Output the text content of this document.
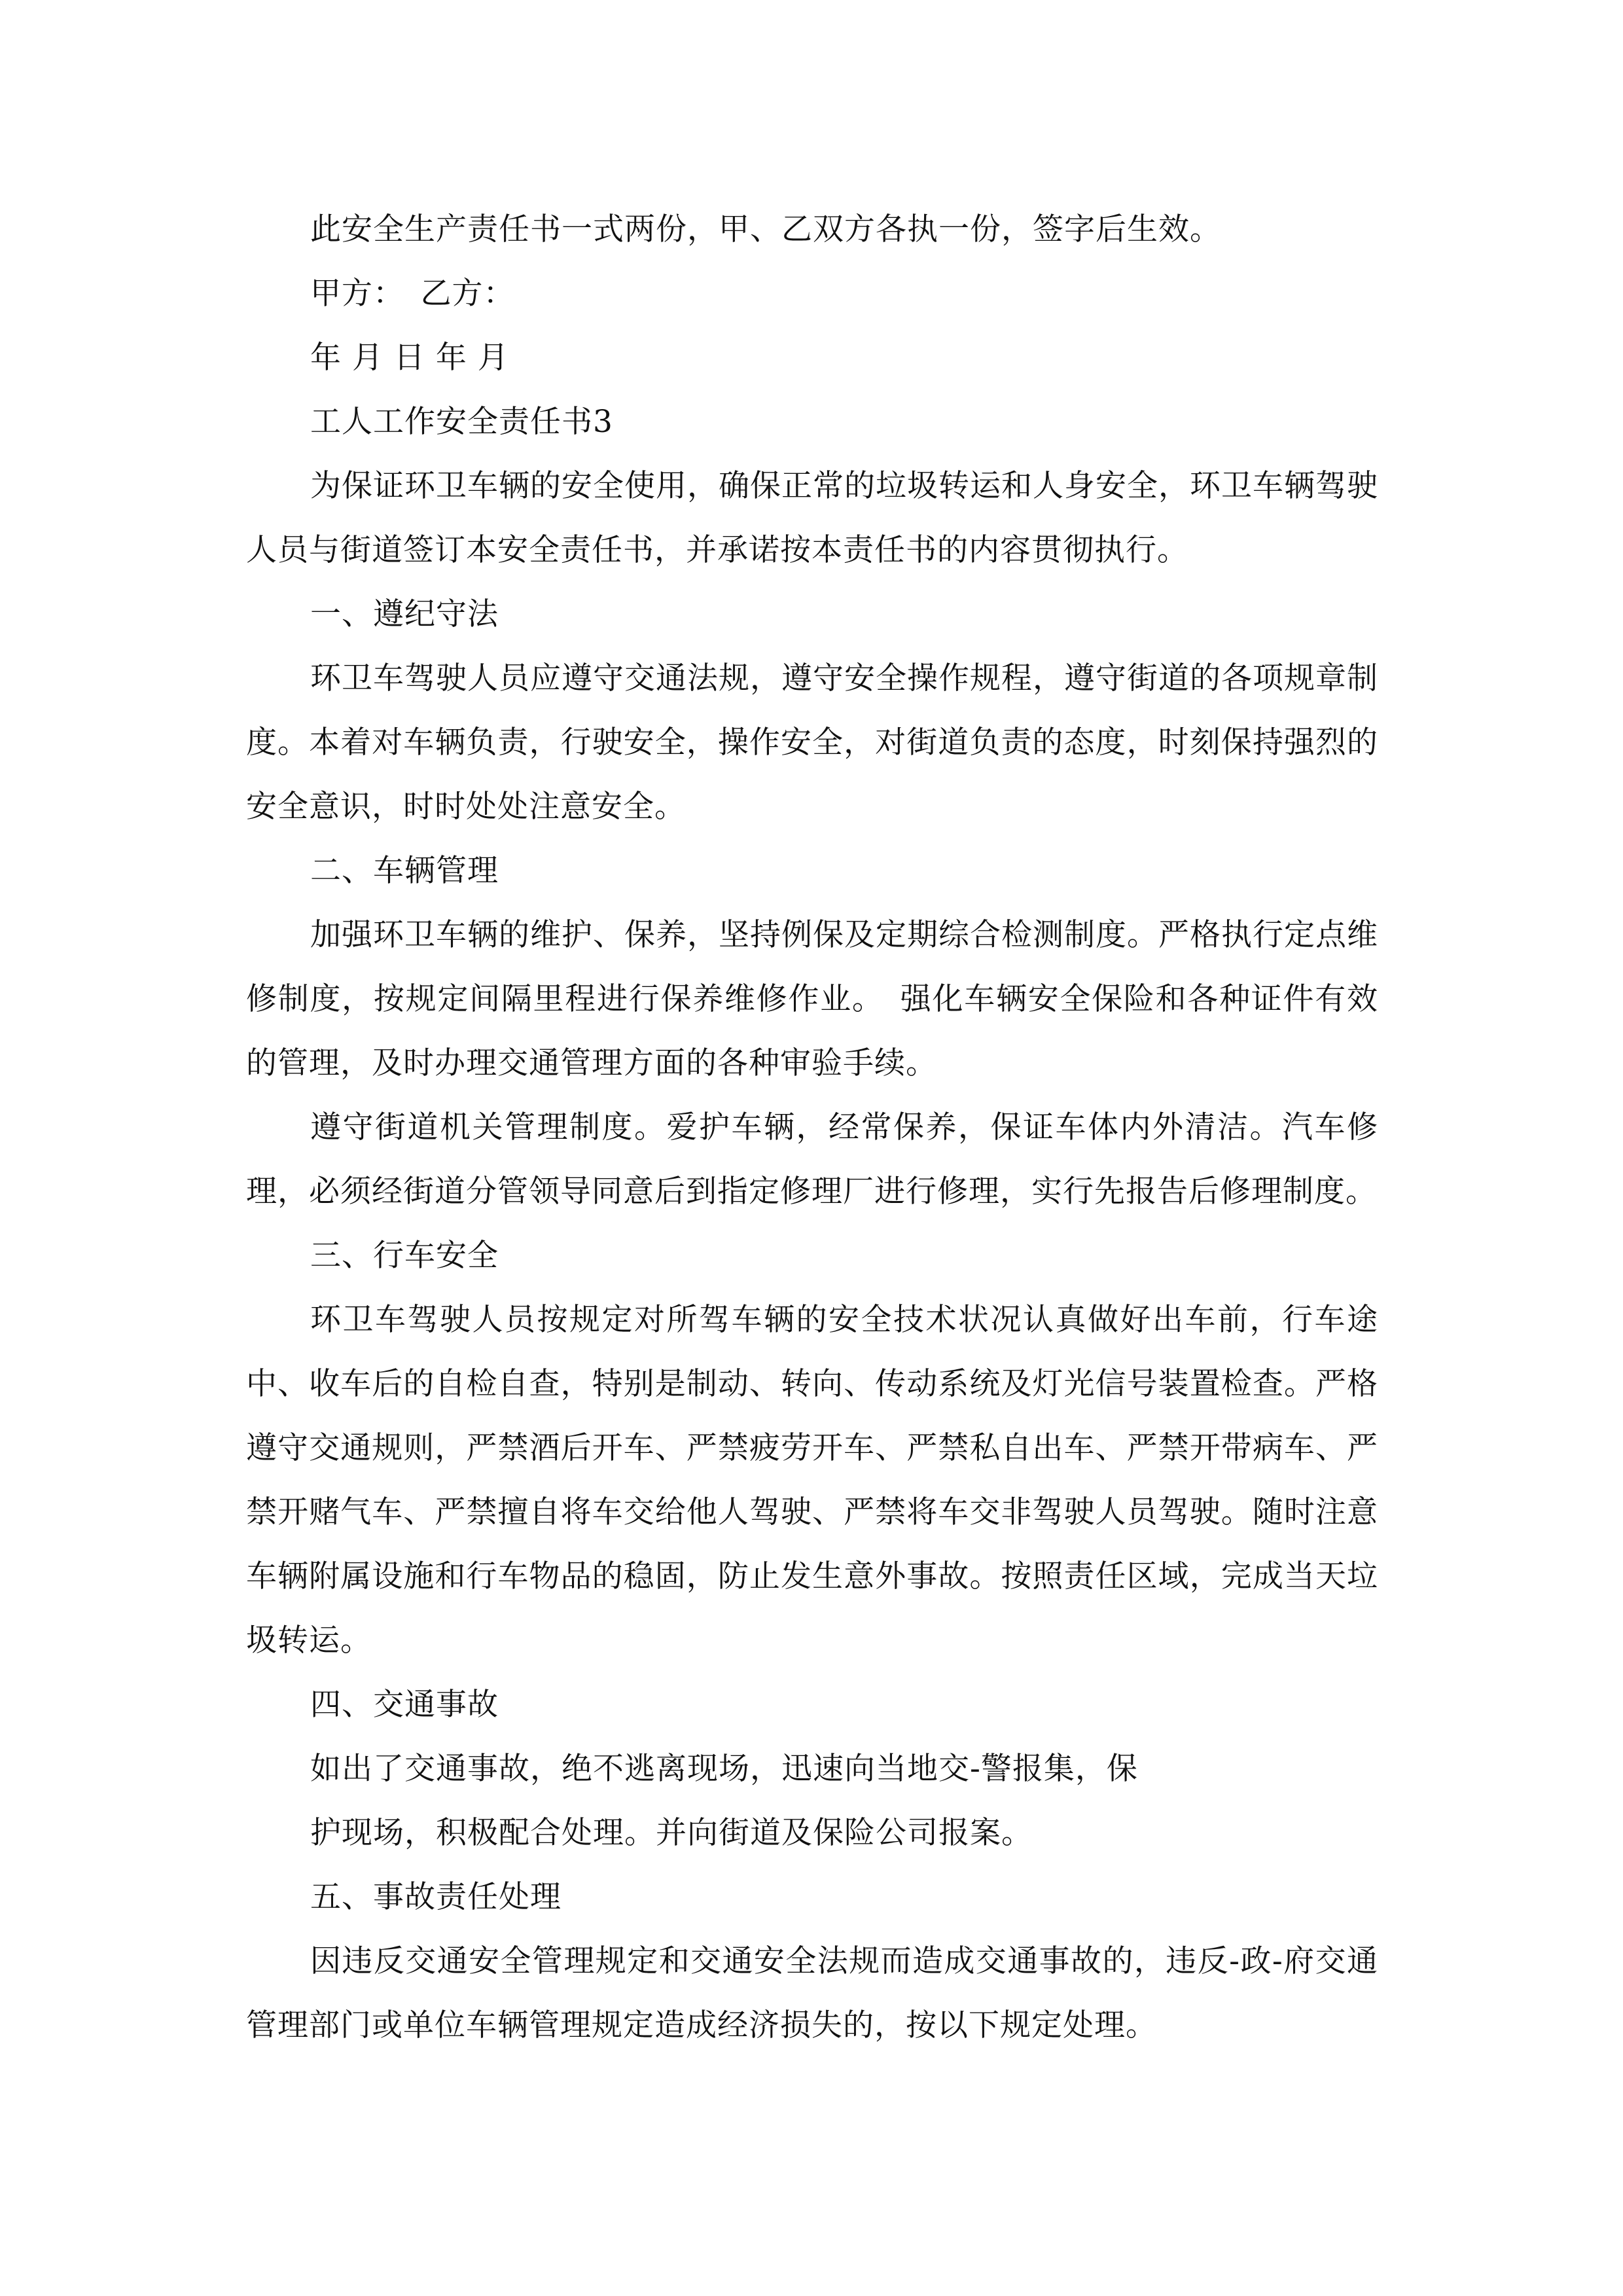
此安全生产责任书一式两份，甲、乙双方各执一份，签字后生效。

甲方：　乙方：

年 月 日 年 月

工人工作安全责任书3

为保证环卫车辆的安全使用，确保正常的垃圾转运和人身安全，环卫车辆驾驶人员与街道签订本安全责任书，并承诺按本责任书的内容贯彻执行。

一、遵纪守法

环卫车驾驶人员应遵守交通法规，遵守安全操作规程，遵守街道的各项规章制度。本着对车辆负责，行驶安全，操作安全，对街道负责的态度，时刻保持强烈的安全意识，时时处处注意安全。

二、车辆管理

加强环卫车辆的维护、保养，坚持例保及定期综合检测制度。严格执行定点维修制度，按规定间隔里程进行保养维修作业。　强化车辆安全保险和各种证件有效的管理，及时办理交通管理方面的各种审验手续。

遵守街道机关管理制度。爱护车辆，经常保养，保证车体内外清洁。汽车修理，必须经街道分管领导同意后到指定修理厂进行修理，实行先报告后修理制度。

三、行车安全

环卫车驾驶人员按规定对所驾车辆的安全技术状况认真做好出车前，行车途中、收车后的自检自查，特别是制动、转向、传动系统及灯光信号装置检查。严格遵守交通规则，严禁酒后开车、严禁疲劳开车、严禁私自出车、严禁开带病车、严禁开赌气车、严禁擅自将车交给他人驾驶、严禁将车交非驾驶人员驾驶。随时注意车辆附属设施和行车物品的稳固，防止发生意外事故。按照责任区域，完成当天垃圾转运。

四、交通事故

如出了交通事故，绝不逃离现场，迅速向当地交-警报集，保

护现场，积极配合处理。并向街道及保险公司报案。

五、事故责任处理

因违反交通安全管理规定和交通安全法规而造成交通事故的，违反-政-府交通管理部门或单位车辆管理规定造成经济损失的，按以下规定处理。
